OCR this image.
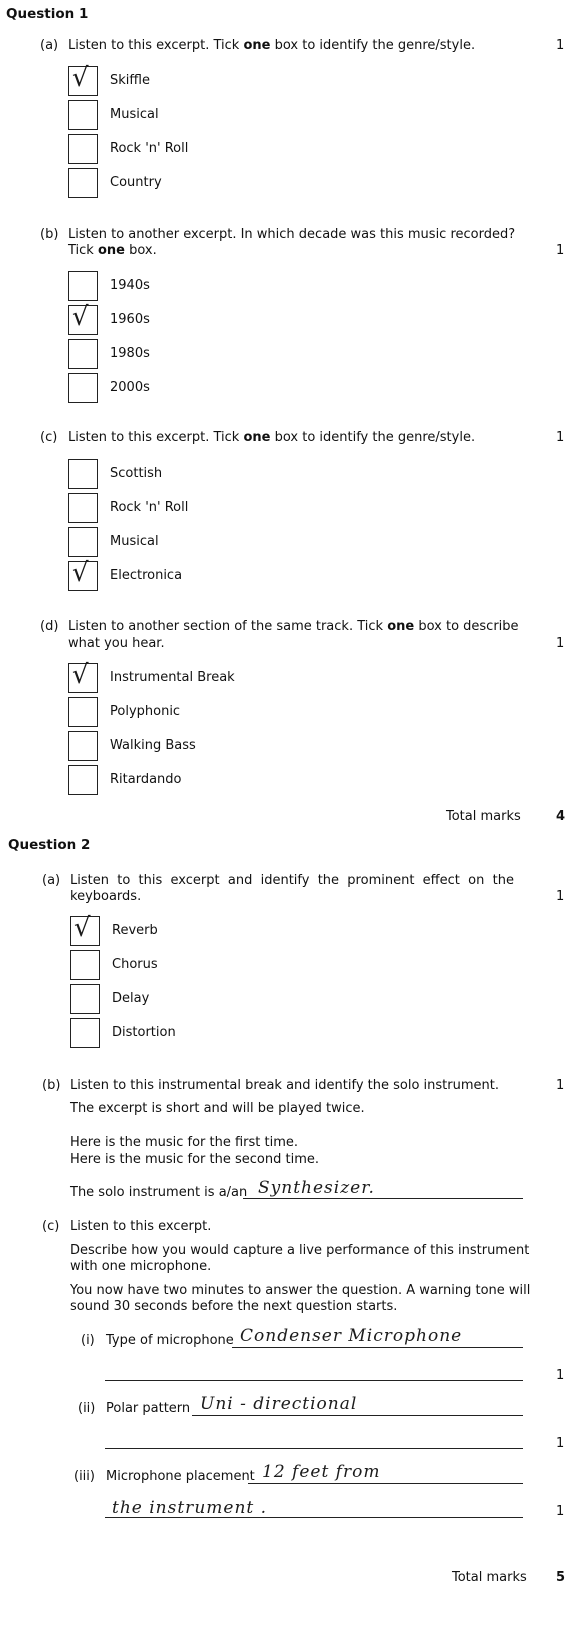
Question 1
(a) Listen to this excerpt. Tick one box to identify the genre/style.	1
√ Skiffle
Musical
Rock 'n' Roll
Country
(b) Listen to another excerpt. In which decade was this music recorded?
Tick one box.	1
1940s
√ 1960s
1980s
2000s
(c) Listen to this excerpt. Tick one box to identify the genre/style.	1
Scottish
Rock 'n' Roll
Musical
√ Electronica
(d) Listen to another section of the same track. Tick one box to describe
what you hear.	1
√ Instrumental Break
Polyphonic
Walking Bass
Ritardando
Total marks	4
Question 2
(a) Listen  to  this  excerpt  and  identify  the  prominent  effect  on  the
keyboards.	1
√ Reverb
Chorus
Delay
Distortion
(b) Listen to this instrumental break and identify the solo instrument.	1
The excerpt is short and will be played twice.
Here is the music for the first time.
Here is the music for the second time.
The solo instrument is a/an Synthesizer.
(c) Listen to this excerpt.
Describe how you would capture a live performance of this instrument
with one microphone.
You now have two minutes to answer the question. A warning tone will
sound 30 seconds before the next question starts.
(i) Type of microphone Condenser Microphone
1
(ii) Polar pattern Uni - directional
1
(iii) Microphone placement 12 feet from
the instrument .	1
Total marks 5
